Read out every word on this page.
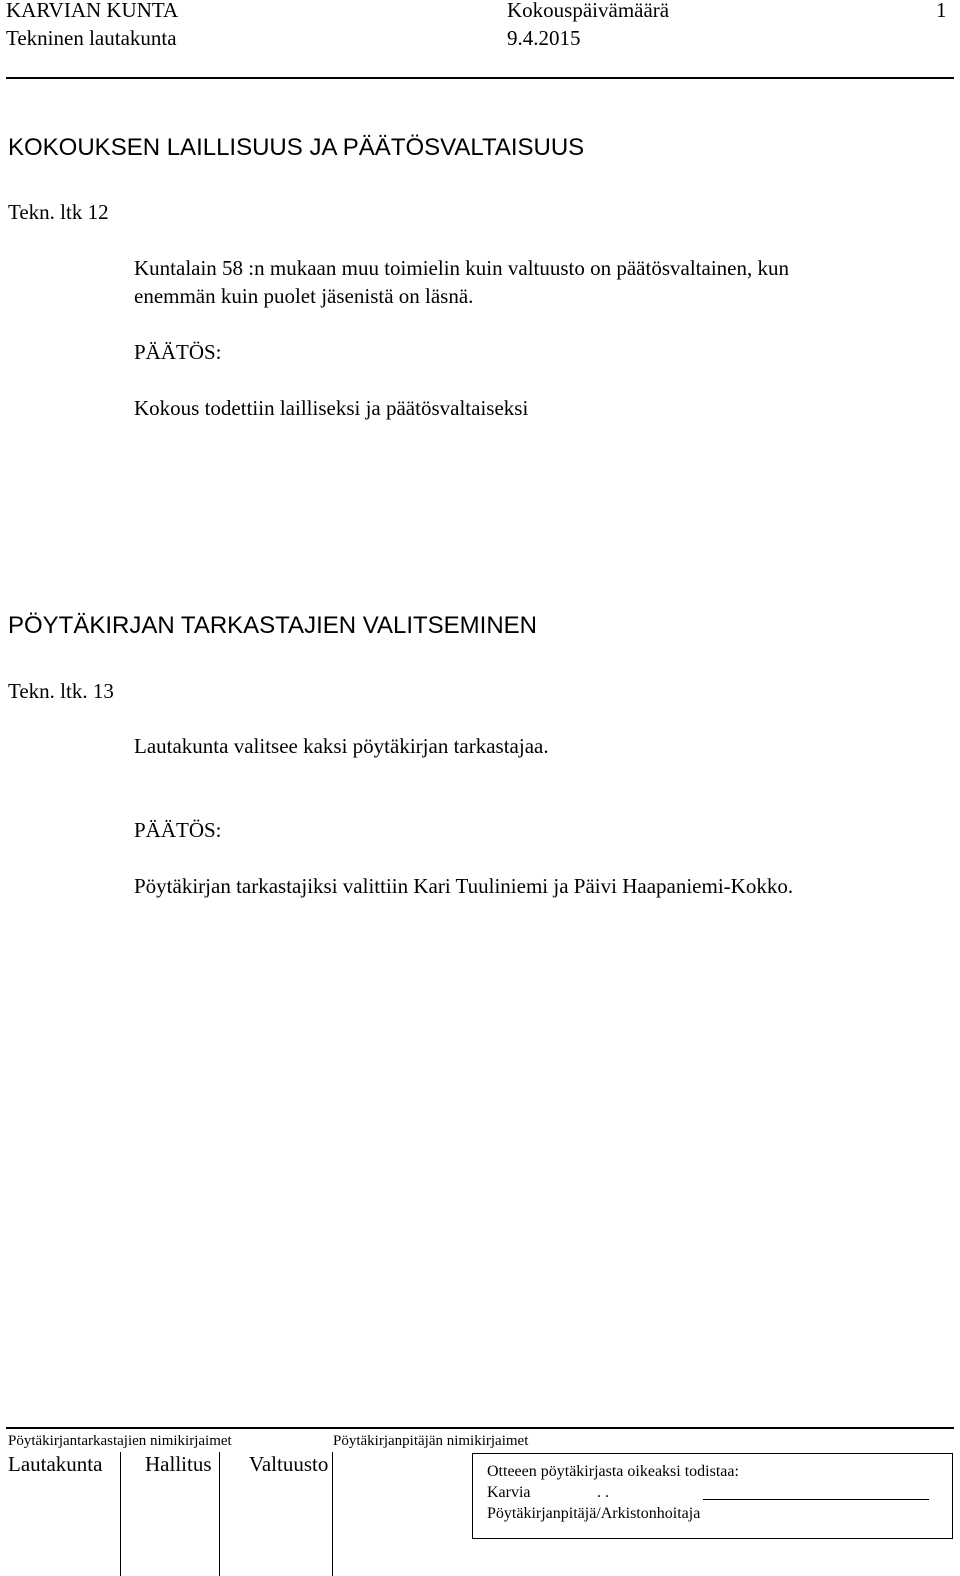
KARVIAN KUNTA	Kokouspäivämäärä	1
Tekninen lautakunta	9.4.2015
KOKOUKSEN LAILLISUUS JA PÄÄTÖSVALTAISUUS
Tekn. ltk 12
Kuntalain 58 :n mukaan muu toimielin kuin valtuusto on päätösvaltainen, kun
enemmän kuin puolet jäsenistä on läsnä.
PÄÄTÖS:
Kokous todettiin lailliseksi ja päätösvaltaiseksi
PÖYTÄKIRJAN TARKASTAJIEN VALITSEMINEN
Tekn. ltk. 13
Lautakunta valitsee kaksi pöytäkirjan tarkastajaa.
PÄÄTÖS:
Pöytäkirjan tarkastajiksi valittiin Kari Tuuliniemi ja Päivi Haapaniemi-Kokko.
Pöytäkirjantarkastajien nimikirjaimet	Pöytäkirjanpitäjän nimikirjaimet
Lautakunta Hallitus Valtuusto	Otteeen pöytäkirjasta oikeaksi todistaa:
Karvia	. .
Pöytäkirjanpitäjä/Arkistonhoitaja
